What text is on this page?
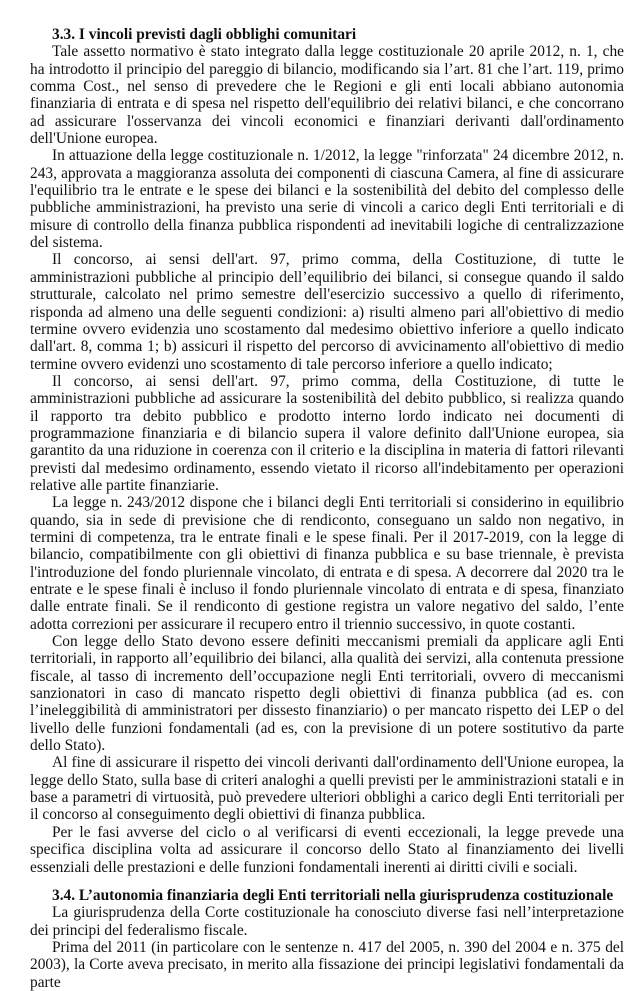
3.3. I vincoli previsti dagli obblighi comunitari

Tale assetto normativo è stato integrato dalla legge costituzionale 20 aprile 2012, n. 1, che ha introdotto il principio del pareggio di bilancio, modificando sia l’art. 81 che l’art. 119, primo comma Cost., nel senso di prevedere che le Regioni e gli enti locali abbiano autonomia finanziaria di entrata e di spesa nel rispetto dell'equilibrio dei relativi bilanci, e che concorrano ad assicurare l'osservanza dei vincoli economici e finanziari derivanti dall'ordinamento dell'Unione europea.

In attuazione della legge costituzionale n. 1/2012, la legge "rinforzata" 24 dicembre 2012, n. 243, approvata a maggioranza assoluta dei componenti di ciascuna Camera, al fine di assicurare l'equilibrio tra le entrate e le spese dei bilanci e la sostenibilità del debito del complesso delle pubbliche amministrazioni, ha previsto una serie di vincoli a carico degli Enti territoriali e di misure di controllo della finanza pubblica rispondenti ad inevitabili logiche di centralizzazione del sistema.

Il concorso, ai sensi dell'art. 97, primo comma, della Costituzione, di tutte le amministrazioni pubbliche al principio dell’equilibrio dei bilanci, si consegue quando il saldo strutturale, calcolato nel primo semestre dell'esercizio successivo a quello di riferimento, risponda ad almeno una delle seguenti condizioni: a) risulti almeno pari all'obiettivo di medio termine ovvero evidenzia uno scostamento dal medesimo obiettivo inferiore a quello indicato dall'art. 8, comma 1; b) assicuri il rispetto del percorso di avvicinamento all'obiettivo di medio termine ovvero evidenzi uno scostamento di tale percorso inferiore a quello indicato;

Il concorso, ai sensi dell'art. 97, primo comma, della Costituzione, di tutte le amministrazioni pubbliche ad assicurare la sostenibilità del debito pubblico, si realizza quando il rapporto tra debito pubblico e prodotto interno lordo indicato nei documenti di programmazione finanziaria e di bilancio supera il valore definito dall'Unione europea, sia garantito da una riduzione in coerenza con il criterio e la disciplina in materia di fattori rilevanti previsti dal medesimo ordinamento, essendo vietato il ricorso all'indebitamento per operazioni relative alle partite finanziarie.

La legge n. 243/2012 dispone che i bilanci degli Enti territoriali si considerino in equilibrio quando, sia in sede di previsione che di rendiconto, conseguano un saldo non negativo, in termini di competenza, tra le entrate finali e le spese finali. Per il 2017-2019, con la legge di bilancio, compatibilmente con gli obiettivi di finanza pubblica e su base triennale, è prevista l'introduzione del fondo pluriennale vincolato, di entrata e di spesa. A decorrere dal 2020 tra le entrate e le spese finali è incluso il fondo pluriennale vincolato di entrata e di spesa, finanziato dalle entrate finali. Se il rendiconto di gestione registra un valore negativo del saldo, l’ente adotta correzioni per assicurare il recupero entro il triennio successivo, in quote costanti.

Con legge dello Stato devono essere definiti meccanismi premiali da applicare agli Enti territoriali, in rapporto all’equilibrio dei bilanci, alla qualità dei servizi, alla contenuta pressione fiscale, al tasso di incremento dell’occupazione negli Enti territoriali, ovvero di meccanismi sanzionatori in caso di mancato rispetto degli obiettivi di finanza pubblica (ad es. con l’ineleggibilità di amministratori per dissesto finanziario) o per mancato rispetto dei LEP o del livello delle funzioni fondamentali (ad es, con la previsione di un potere sostitutivo da parte dello Stato).

Al fine di assicurare il rispetto dei vincoli derivanti dall'ordinamento dell'Unione europea, la legge dello Stato, sulla base di criteri analoghi a quelli previsti per le amministrazioni statali e in base a parametri di virtuosità, può prevedere ulteriori obblighi a carico degli Enti territoriali per il concorso al conseguimento degli obiettivi di finanza pubblica.

Per le fasi avverse del ciclo o al verificarsi di eventi eccezionali, la legge prevede una specifica disciplina volta ad assicurare il concorso dello Stato al finanziamento dei livelli essenziali delle prestazioni e delle funzioni fondamentali inerenti ai diritti civili e sociali.

3.4. L’autonomia finanziaria degli Enti territoriali nella giurisprudenza costituzionale

La giurisprudenza della Corte costituzionale ha conosciuto diverse fasi nell’interpretazione dei principi del federalismo fiscale.

Prima del 2011 (in particolare con le sentenze n. 417 del 2005, n. 390 del 2004 e n. 375 del 2003), la Corte aveva precisato, in merito alla fissazione dei principi legislativi fondamentali da parte
